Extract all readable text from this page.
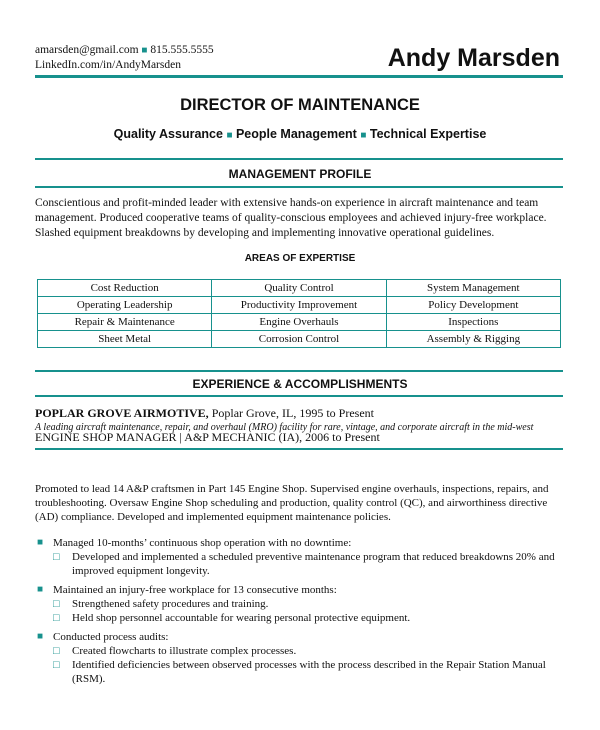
amarsden@gmail.com ■ 815.555.5555
LinkedIn.com/in/AndyMarsden	Andy Marsden
DIRECTOR OF MAINTENANCE
Quality Assurance ■ People Management ■ Technical Expertise
MANAGEMENT PROFILE
Conscientious and profit-minded leader with extensive hands-on experience in aircraft maintenance and team management. Produced cooperative teams of quality-conscious employees and achieved injury-free workplace. Slashed equipment breakdowns by developing and implementing innovative operational guidelines.
AREAS OF EXPERTISE
Cost Reduction	Quality Control	System Management
Operating Leadership	Productivity Improvement	Policy Development
Repair & Maintenance	Engine Overhauls	Inspections
Sheet Metal	Corrosion Control	Assembly & Rigging
EXPERIENCE & ACCOMPLISHMENTS
POPLAR GROVE AIRMOTIVE, Poplar Grove, IL, 1995 to Present
A leading aircraft maintenance, repair, and overhaul (MRO) facility for rare, vintage, and corporate aircraft in the mid-west
ENGINE SHOP MANAGER | A&P MECHANIC (IA), 2006 to Present
Promoted to lead 14 A&P craftsmen in Part 145 Engine Shop. Supervised engine overhauls, inspections, repairs, and troubleshooting. Oversaw Engine Shop scheduling and production, quality control (QC), and airworthiness directive (AD) compliance. Developed and implemented equipment maintenance policies.
■ Managed 10-months’ continuous shop operation with no downtime:
□ Developed and implemented a scheduled preventive maintenance program that reduced breakdowns 20% and improved equipment longevity.
■ Maintained an injury-free workplace for 13 consecutive months:
□ Strengthened safety procedures and training.
□ Held shop personnel accountable for wearing personal protective equipment.
■ Conducted process audits:
□ Created flowcharts to illustrate complex processes.
□ Identified deficiencies between observed processes with the process described in the Repair Station Manual (RSM).
